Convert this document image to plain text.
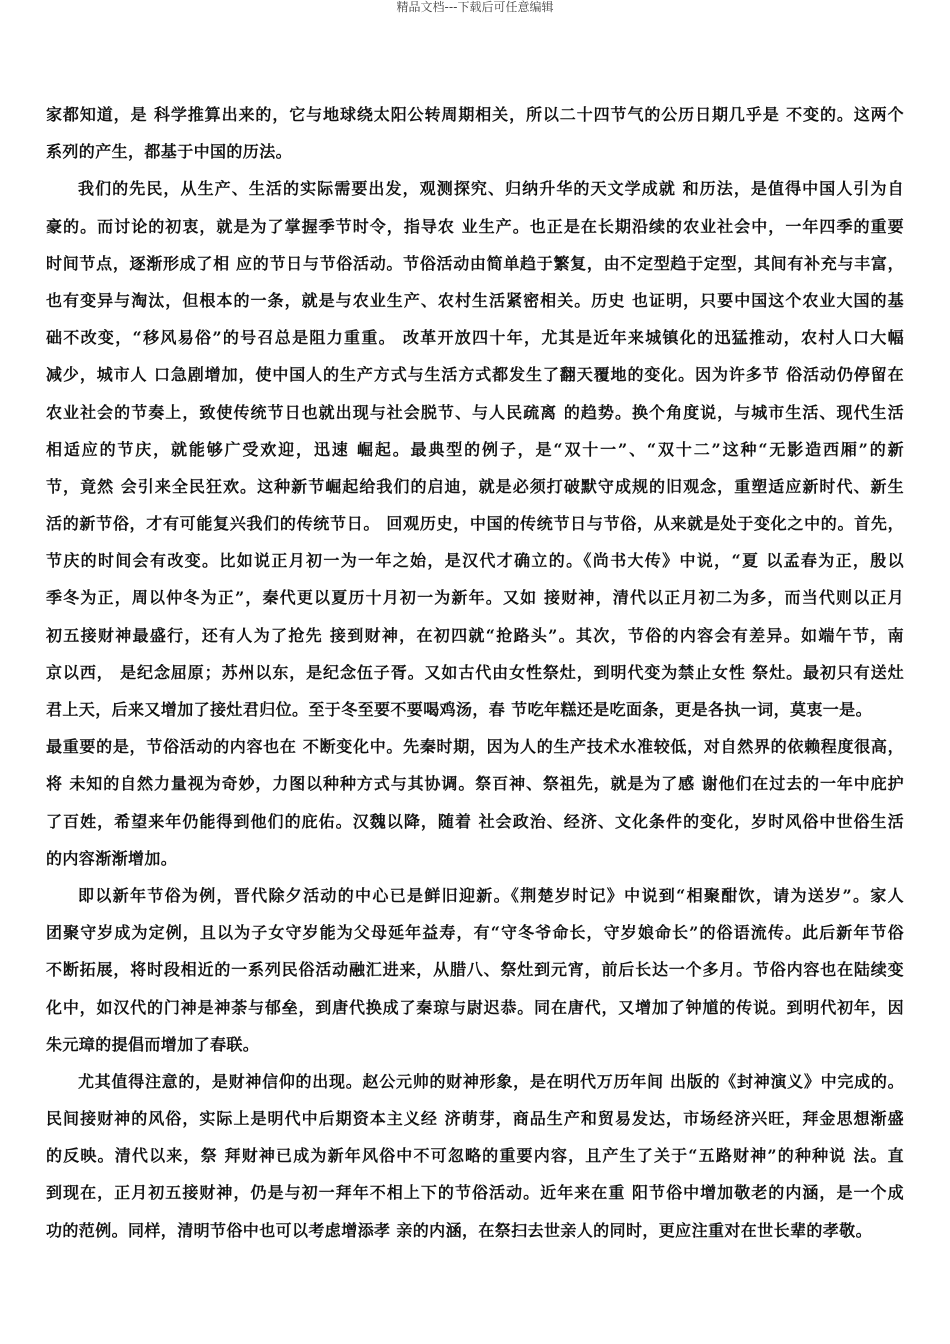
精品文档---下载后可任意编辑
家都知道，是 科学推算出来的，它与地球绕太阳公转周期相关，所以二十四节气的公历日期几乎是 不变的。这两个
系列的产生，都基于中国的历法。
我们的先民，从生产、生活的实际需要出发，观测探究、归纳升华的天文学成就 和历法，是值得中国人引为自
豪的。而讨论的初衷，就是为了掌握季节时令，指导农 业生产。也正是在长期沿续的农业社会中，一年四季的重要
时间节点，逐渐形成了相 应的节日与节俗活动。节俗活动由简单趋于繁复，由不定型趋于定型，其间有补充与丰富，
也有变异与淘汰，但根本的一条，就是与农业生产、农村生活紧密相关。历史 也证明，只要中国这个农业大国的基
础不改变，“移风易俗”的号召总是阻力重重。 改革开放四十年，尤其是近年来城镇化的迅猛推动，农村人口大幅
减少，城市人 口急剧增加，使中国人的生产方式与生活方式都发生了翻天覆地的变化。因为许多节 俗活动仍停留在
农业社会的节奏上，致使传统节日也就出现与社会脱节、与人民疏离 的趋势。换个角度说，与城市生活、现代生活
相适应的节庆，就能够广受欢迎，迅速 崛起。最典型的例子，是“双十一”、“双十二”这种“无影造西厢”的新
节，竟然 会引来全民狂欢。这种新节崛起给我们的启迪，就是必须打破默守成规的旧观念，重塑适应新时代、新生
活的新节俗，才有可能复兴我们的传统节日。 回观历史，中国的传统节日与节俗，从来就是处于变化之中的。首先，
节庆的时间会有改变。比如说正月初一为一年之始，是汉代才确立的。《尚书大传》中说，“夏 以孟春为正，殷以
季冬为正，周以仲冬为正”，秦代更以夏历十月初一为新年。又如 接财神，清代以正月初二为多，而当代则以正月
初五接财神最盛行，还有人为了抢先 接到财神，在初四就“抢路头”。其次，节俗的内容会有差异。如端午节，南
京以西， 是纪念屈原；苏州以东，是纪念伍子胥。又如古代由女性祭灶，到明代变为禁止女性 祭灶。最初只有送灶
君上天，后来又增加了接灶君归位。至于冬至要不要喝鸡汤，春 节吃年糕还是吃面条，更是各执一词，莫衷一是。
最重要的是，节俗活动的内容也在 不断变化中。先秦时期，因为人的生产技术水准较低，对自然界的依赖程度很高，
将 未知的自然力量视为奇妙，力图以种种方式与其协调。祭百神、祭祖先，就是为了感 谢他们在过去的一年中庇护
了百姓，希望来年仍能得到他们的庇佑。汉魏以降，随着 社会政治、经济、文化条件的变化，岁时风俗中世俗生活
的内容渐渐增加。
即以新年节俗为例，晋代除夕活动的中心已是鲜旧迎新。《荆楚岁时记》中说到“相聚酣饮，请为送岁”。家人
团聚守岁成为定例，且以为子女守岁能为父母延年益寿，有“守冬爷命长，守岁娘命长”的俗语流传。此后新年节俗
不断拓展，将时段相近的一系列民俗活动融汇进来，从腊八、祭灶到元宵，前后长达一个多月。节俗内容也在陆续变
化中，如汉代的门神是神荼与郁垒，到唐代换成了秦琼与尉迟恭。同在唐代，又增加了钟馗的传说。到明代初年，因
朱元璋的提倡而增加了春联。
尤其值得注意的，是财神信仰的出现。赵公元帅的财神形象，是在明代万历年间 出版的《封神演义》中完成的。
民间接财神的风俗，实际上是明代中后期资本主义经 济萌芽，商品生产和贸易发达，市场经济兴旺，拜金思想渐盛
的反映。清代以来，祭 拜财神已成为新年风俗中不可忽略的重要内容，且产生了关于“五路财神”的种种说 法。直
到现在，正月初五接财神，仍是与初一拜年不相上下的节俗活动。近年来在重 阳节俗中增加敬老的内涵，是一个成
功的范例。同样，清明节俗中也可以考虑增添孝 亲的内涵，在祭扫去世亲人的同时，更应注重对在世长辈的孝敬。
